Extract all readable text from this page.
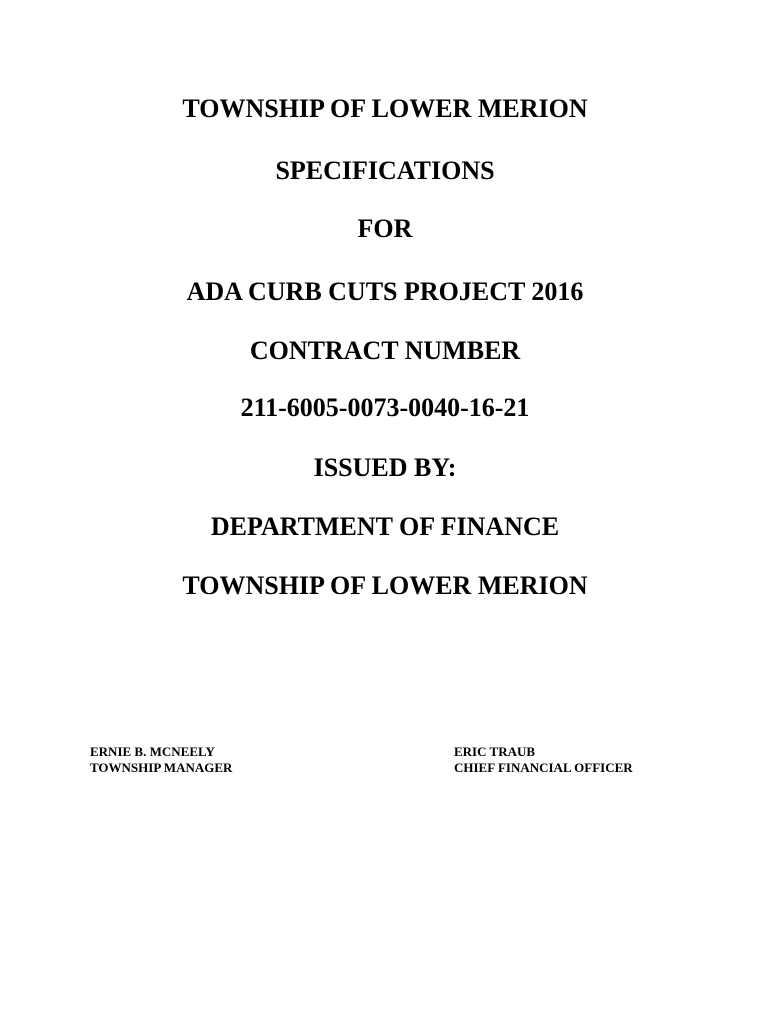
TOWNSHIP OF LOWER MERION
SPECIFICATIONS
FOR
ADA CURB CUTS PROJECT 2016
CONTRACT NUMBER
211-6005-0073-0040-16-21
ISSUED BY:
DEPARTMENT OF FINANCE
TOWNSHIP OF LOWER MERION
ERNIE B. MCNEELY
TOWNSHIP MANAGER
ERIC TRAUB
CHIEF FINANCIAL OFFICER
